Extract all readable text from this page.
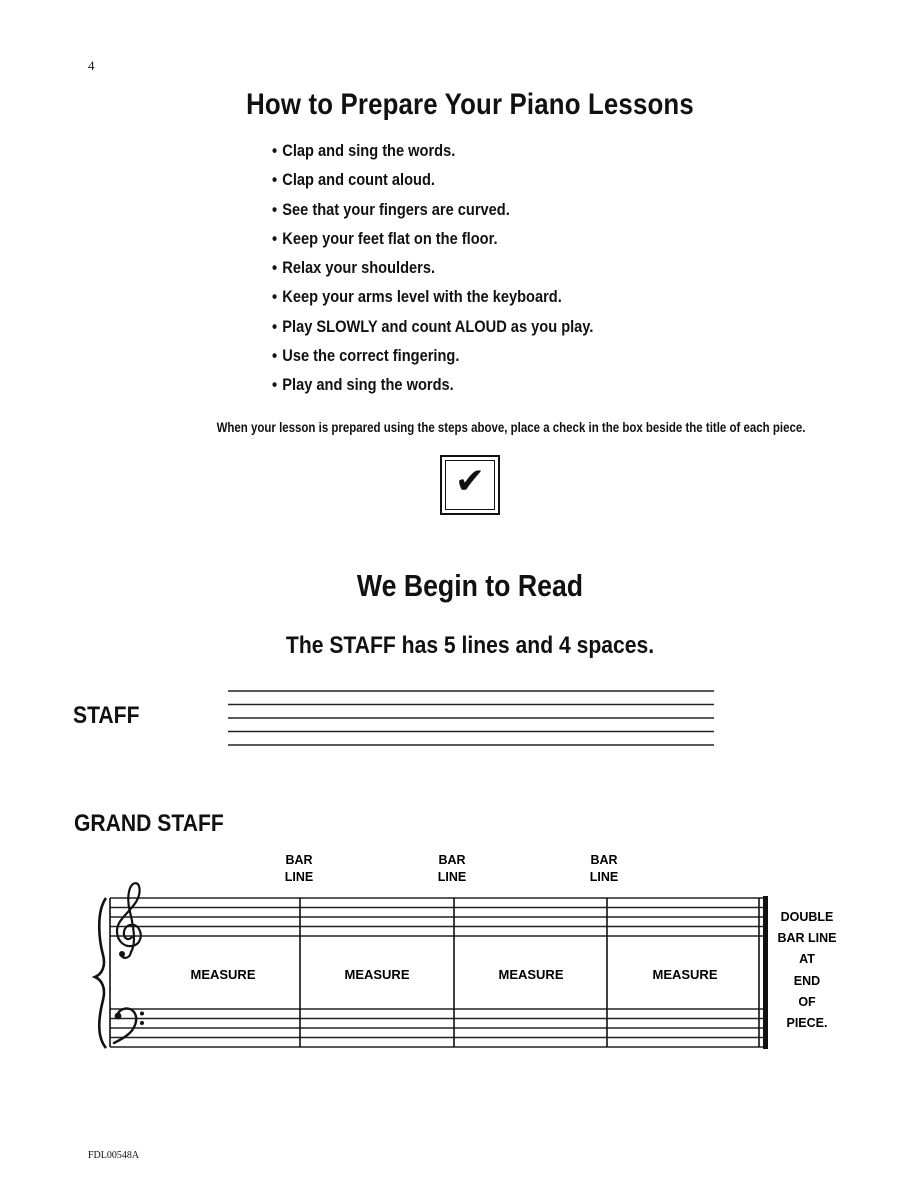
4
How to Prepare Your Piano Lessons
• Clap and sing the words.
• Clap and count aloud.
• See that your fingers are curved.
• Keep your feet flat on the floor.
• Relax your shoulders.
• Keep your arms level with the keyboard.
• Play SLOWLY and count ALOUD as you play.
• Use the correct fingering.
• Play and sing the words.
When your lesson is prepared using the steps above, place a check in the box beside the title of each piece.
✔
We Begin to Read
The STAFF has 5 lines and 4 spaces.
STAFF
GRAND STAFF
BAR
LINE
BAR
LINE
BAR
LINE
MEASURE	MEASURE	MEASURE	MEASURE
DOUBLE
BAR LINE
AT
END
OF
PIECE.
FDL00548A
